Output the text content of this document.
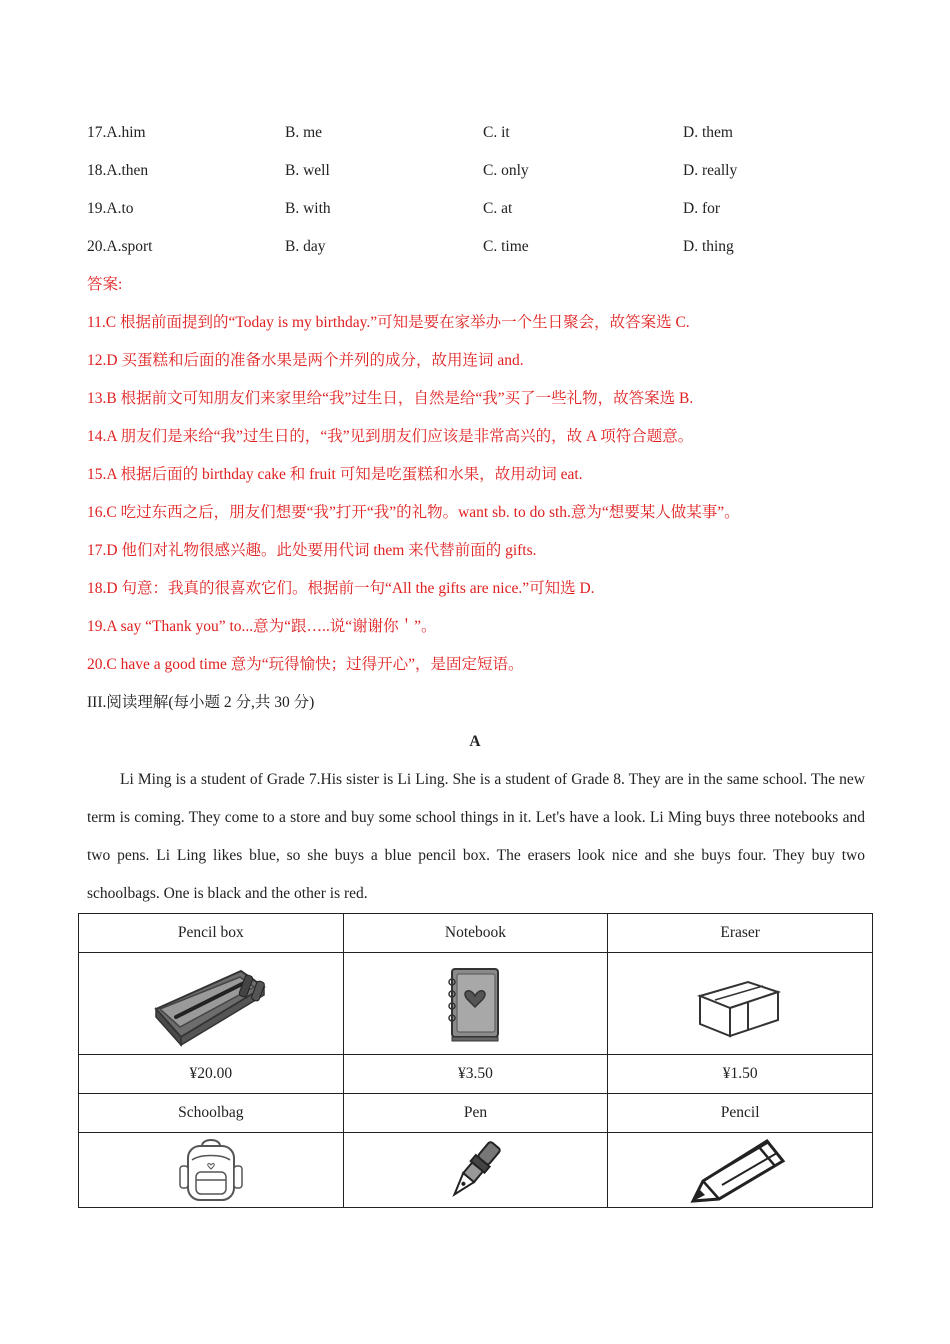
17.A.him	B. me	C. it	D. them
18.A.then	B. well	C. only	D. really
19.A.to	B. with	C. at	D. for
20.A.sport	B. day	C. time	D. thing
答案:
11.C 根据前面提到的“Today is my birthday.”可知是要在家举办一个生日聚会，故答案选 C.
12.D 买蛋糕和后面的准备水果是两个并列的成分，故用连词 and.
13.B 根据前文可知朋友们来家里给“我”过生日，自然是给“我”买了一些礼物，故答案选 B.
14.A 朋友们是来给“我”过生日的，“我”见到朋友们应该是非常高兴的，故 A 项符合题意。
15.A 根据后面的 birthday cake 和 fruit 可知是吃蛋糕和水果，故用动词 eat.
16.C 吃过东西之后，朋友们想要“我”打开“我”的礼物。want sb. to do sth.意为“想要某人做某事”。
17.D 他们对礼物很感兴趣。此处要用代词 them 来代替前面的 gifts.
18.D 句意：我真的很喜欢它们。根据前一句“All the gifts are nice.”可知选 D.
19.A say “Thank you” to...意为“跟…..说“谢谢你＇”。
20.C have a good time 意为“玩得愉快；过得开心”，是固定短语。
III.阅读理解(每小题 2 分,共 30 分)
A
Li Ming is a student of Grade 7.His sister is Li Ling. She is a student of Grade 8. They are in the same school. The new term is coming. They come to a store and buy some school things in it. Let's have a look. Li Ming buys three notebooks and two pens. Li Ling likes blue, so she buys a blue pencil box. The erasers look nice and she buys four. They buy two schoolbags. One is black and the other is red.
Pencil box	Notebook	Eraser

¥20.00	¥3.50	¥1.50
Schoolbag	Pen	Pencil
